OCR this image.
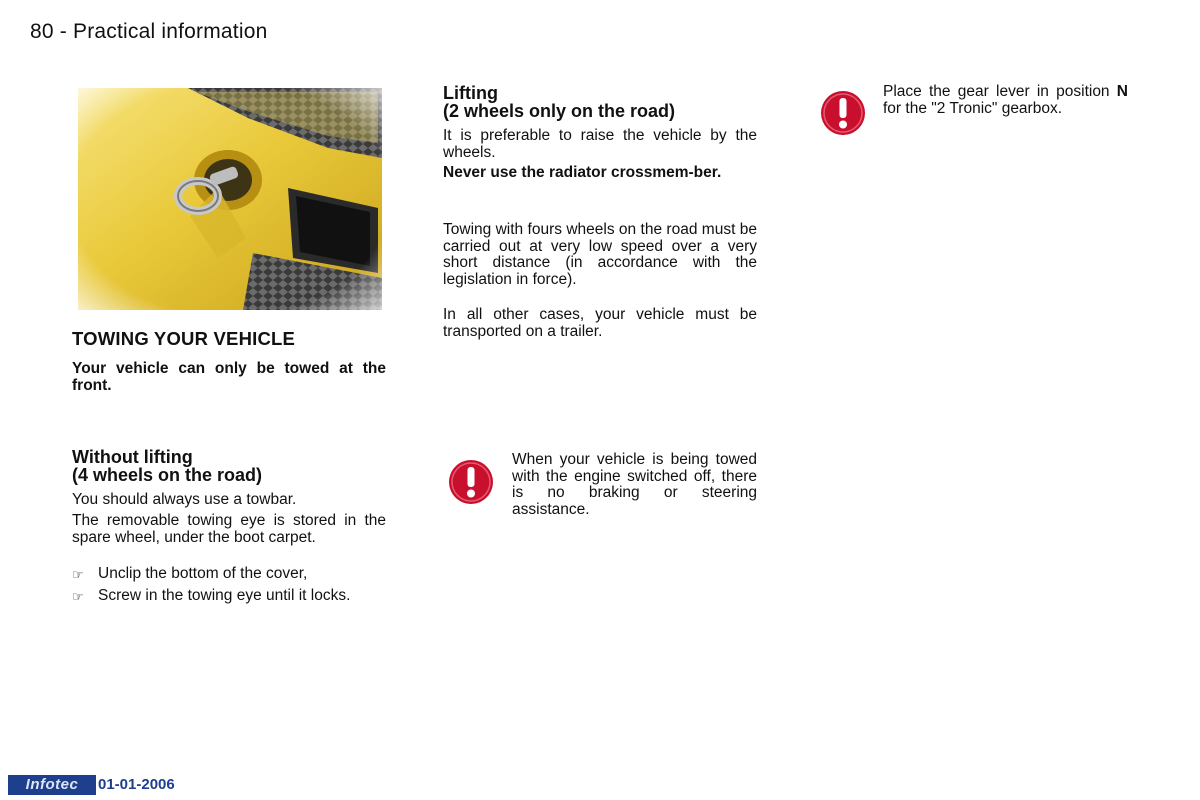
80 - Practical information
TOWING YOUR VEHICLE
Your vehicle can only be towed at the front.
Without lifting
(4 wheels on the road)
You should always use a towbar.
The removable towing eye is stored in the spare wheel, under the boot carpet.
☞ Unclip the bottom of the cover,
☞ Screw in the towing eye until it locks.
Lifting
(2 wheels only on the road)
It is preferable to raise the vehicle by the wheels.
Never use the radiator crossmem-ber.
Towing with fours wheels on the road must be carried out at very low speed over a very short distance (in accordance with the legislation in force).
In all other cases, your vehicle must be transported on a trailer.
When your vehicle is being towed with the engine switched off, there is no braking or steering assistance.
Place the gear lever in position N for the "2 Tronic" gearbox.
Infotec	01-01-2006
